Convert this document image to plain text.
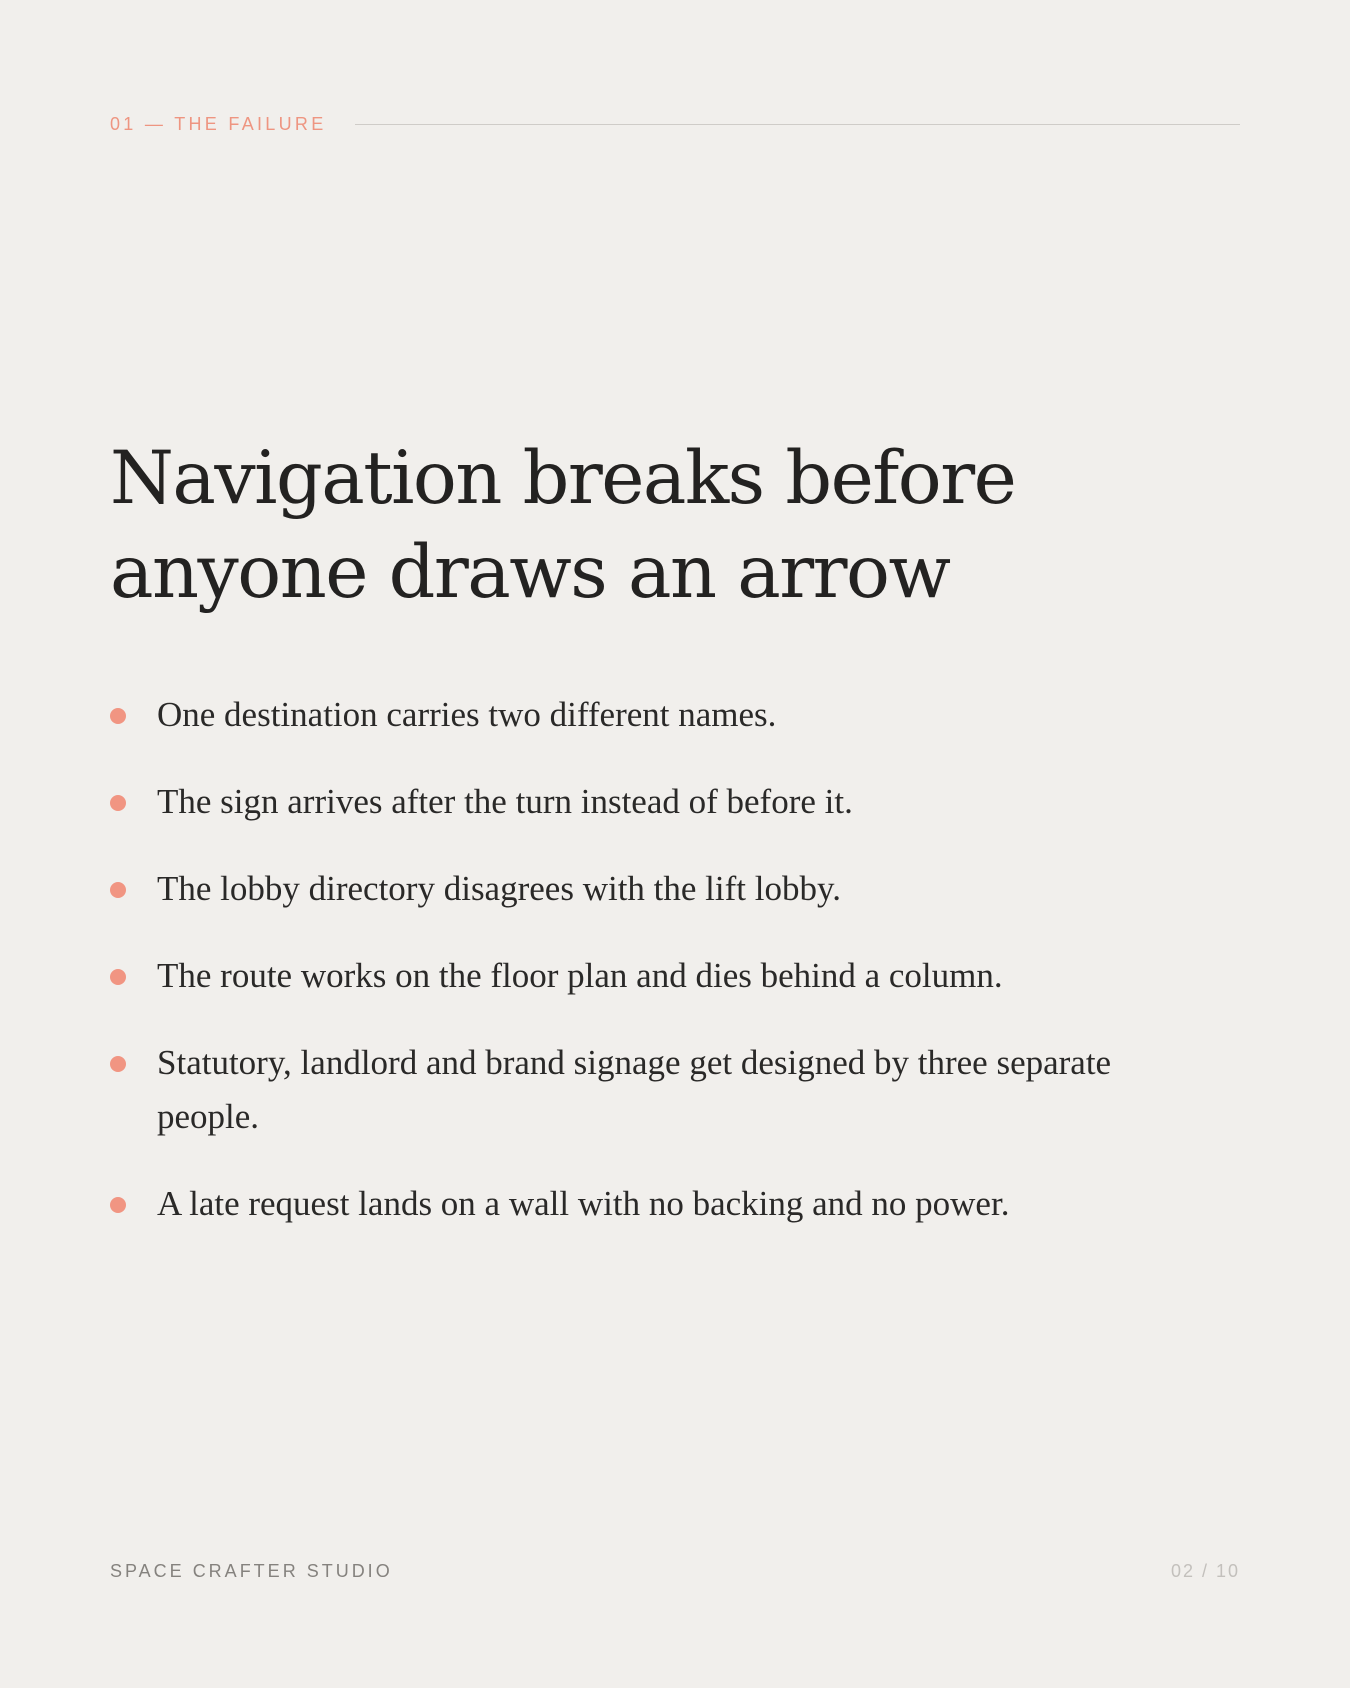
01 — THE FAILURE
Navigation breaks before anyone draws an arrow
One destination carries two different names.
The sign arrives after the turn instead of before it.
The lobby directory disagrees with the lift lobby.
The route works on the floor plan and dies behind a column.
Statutory, landlord and brand signage get designed by three separate people.
A late request lands on a wall with no backing and no power.
SPACE CRAFTER STUDIO	02 / 10
